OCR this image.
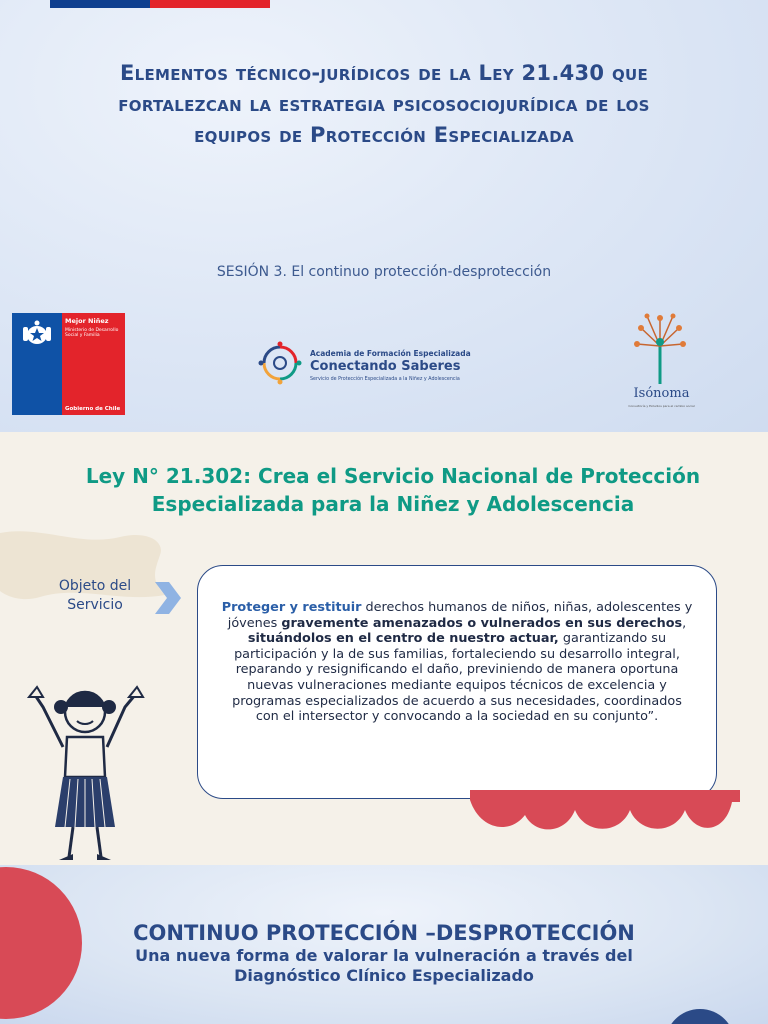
Elementos técnico-jurídicos de la Ley 21.430 que fortalezcan la estrategia psicosociojurídica de los equipos de Protección Especializada
SESIÓN 3. El continuo protección-desprotección
Mejor Niñez
Ministerio de Desarrollo Social y Familia
Gobierno de Chile
Academia de Formación Especializada
Conectando Saberes
Servicio de Protección Especializada a la Niñez y Adolescencia
Isónoma
Consultoría y Estudios para el cambio social
Ley N° 21.302: Crea el Servicio Nacional de Protección Especializada para la Niñez y Adolescencia
Objeto del Servicio	Proteger y restituir derechos humanos de niños, niñas, adolescentes y jóvenes gravemente amenazados o vulnerados en sus derechos, situándolos en el centro de nuestro actuar, garantizando su participación y la de sus familias, fortaleciendo su desarrollo integral, reparando y resignificando el daño, previniendo de manera oportuna nuevas vulneraciones mediante equipos técnicos de excelencia y programas especializados de acuerdo a sus necesidades, coordinados con el intersector y convocando a la sociedad en su conjunto”.
CONTINUO PROTECCIÓN –DESPROTECCIÓN
Una nueva forma de valorar la vulneración a través del Diagnóstico Clínico Especializado
